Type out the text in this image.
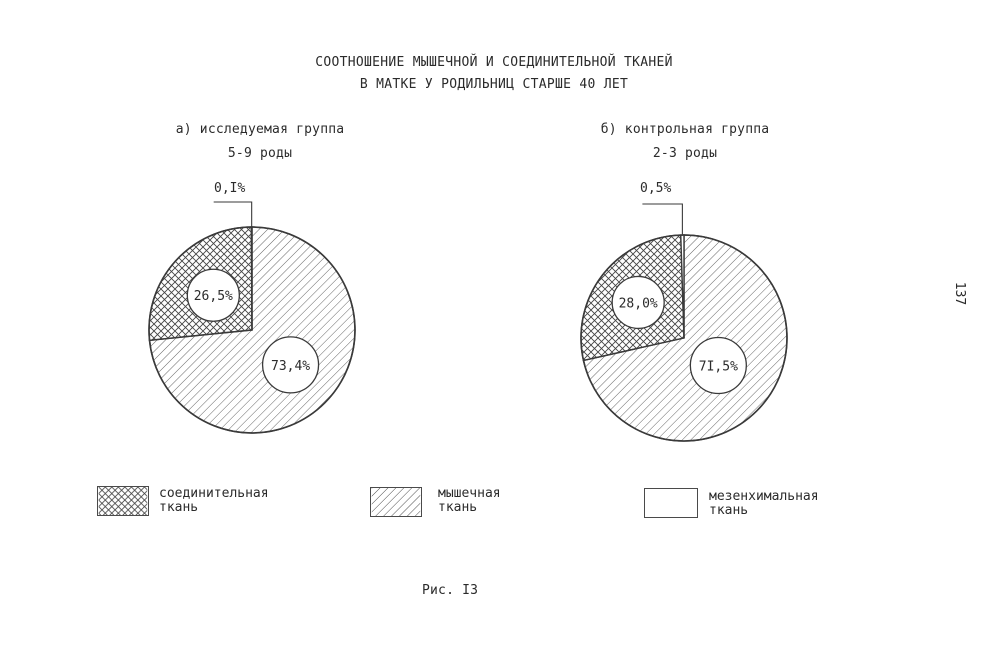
СООТНОШЕНИЕ МЫШЕЧНОЙ И СОЕДИНИТЕЛЬНОЙ ТКАНЕЙ
В МАТКЕ У РОДИЛЬНИЦ СТАРШЕ 40 ЛЕТ
137
а) исследуемая группа
5-9 роды
б) контрольная группа
2-3 роды
73,4%
26,5%
0,I%
7I,5%
28,0%
0,5%
соединительная
ткань
мышечная
ткань
мезенхимальная
ткань
Рис. I3
